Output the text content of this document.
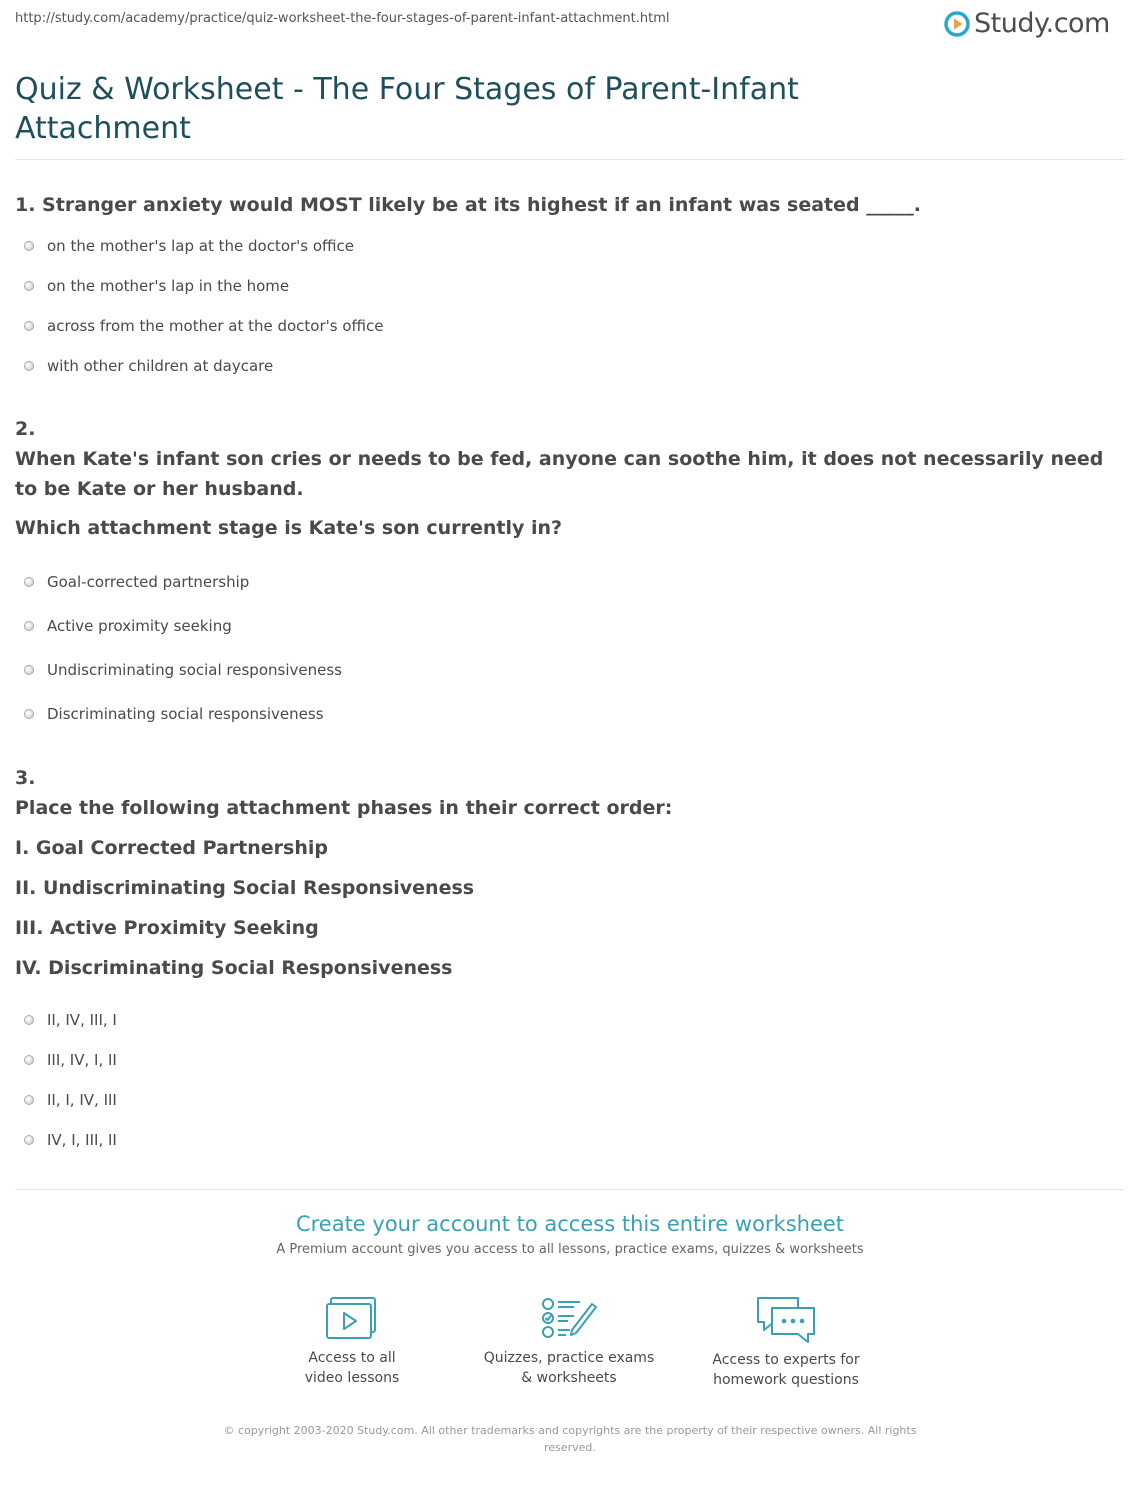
http://study.com/academy/practice/quiz-worksheet-the-four-stages-of-parent-infant-attachment.html	Study.com
Quiz & Worksheet - The Four Stages of Parent-Infant Attachment

1. Stranger anxiety would MOST likely be at its highest if an infant was seated _____.

on the mother's lap at the doctor's office
on the mother's lap in the home
across from the mother at the doctor's office
with other children at daycare

2.

When Kate's infant son cries or needs to be fed, anyone can soothe him, it does not necessarily need to be Kate or her husband.

Which attachment stage is Kate's son currently in?

Goal-corrected partnership
Active proximity seeking
Undiscriminating social responsiveness
Discriminating social responsiveness

3.

Place the following attachment phases in their correct order:

I. Goal Corrected Partnership

II. Undiscriminating Social Responsiveness

III. Active Proximity Seeking

IV. Discriminating Social Responsiveness

II, IV, III, I
III, IV, I, II
II, I, IV, III
IV, I, III, II
Create your account to access this entire worksheet
A Premium account gives you access to all lessons, practice exams, quizzes & worksheets
Access to all
video lessons
Quizzes, practice exams
& worksheets
Access to experts for
homework questions
© copyright 2003-2020 Study.com. All other trademarks and copyrights are the property of their respective owners. All rights reserved.
